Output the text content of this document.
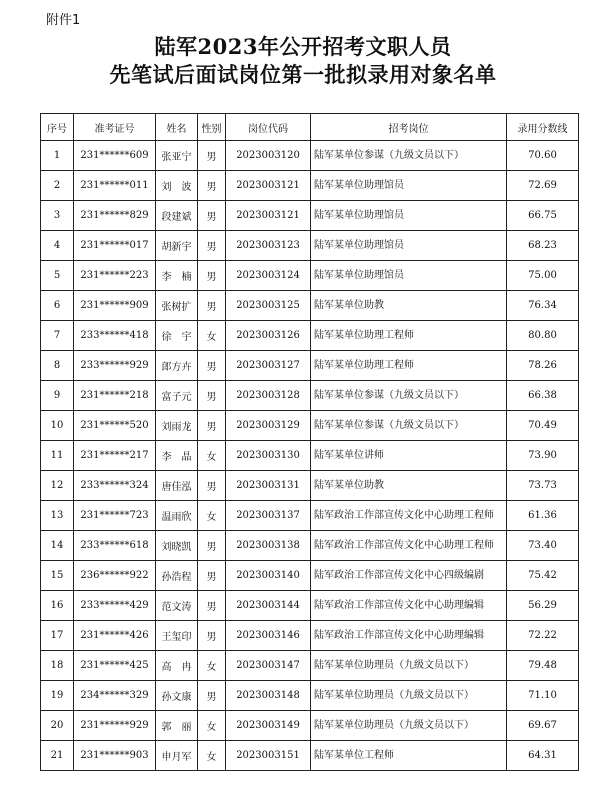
附件1
陆军2023年公开招考文职人员
先笔试后面试岗位第一批拟录用对象名单
序号	准考证号	姓名	性别	岗位代码	招考岗位	录用分数线
1	231******609	张亚宁	男	2023003120	陆军某单位参谋（九级文员以下）	70.60
2	231******011	刘　波	男	2023003121	陆军某单位助理馆员	72.69
3	231******829	段建斌	男	2023003121	陆军某单位助理馆员	66.75
4	231******017	胡新宇	男	2023003123	陆军某单位助理馆员	68.23
5	231******223	李　楠	男	2023003124	陆军某单位助理馆员	75.00
6	231******909	张树扩	男	2023003125	陆军某单位助教	76.34
7	233******418	徐　宇	女	2023003126	陆军某单位助理工程师	80.80
8	233******929	郎方卉	男	2023003127	陆军某单位助理工程师	78.26
9	231******218	富子元	男	2023003128	陆军某单位参谋（九级文员以下）	66.38
10	231******520	刘雨龙	男	2023003129	陆军某单位参谋（九级文员以下）	70.49
11	231******217	李　晶	女	2023003130	陆军某单位讲师	73.90
12	233******324	唐佳泓	男	2023003131	陆军某单位助教	73.73
13	231******723	温雨欣	女	2023003137	陆军政治工作部宣传文化中心助理工程师	61.36
14	233******618	刘晓凯	男	2023003138	陆军政治工作部宣传文化中心助理工程师	73.40
15	236******922	孙浩程	男	2023003140	陆军政治工作部宣传文化中心四级编剧	75.42
16	233******429	范文涛	男	2023003144	陆军政治工作部宣传文化中心助理编辑	56.29
17	231******426	王玺印	男	2023003146	陆军政治工作部宣传文化中心助理编辑	72.22
18	231******425	高　冉	女	2023003147	陆军某单位助理员（九级文员以下）	79.48
19	234******329	孙文康	男	2023003148	陆军某单位助理员（九级文员以下）	71.10
20	231******929	郭　丽	女	2023003149	陆军某单位助理员（九级文员以下）	69.67
21	231******903	申月军	女	2023003151	陆军某单位工程师	64.31
